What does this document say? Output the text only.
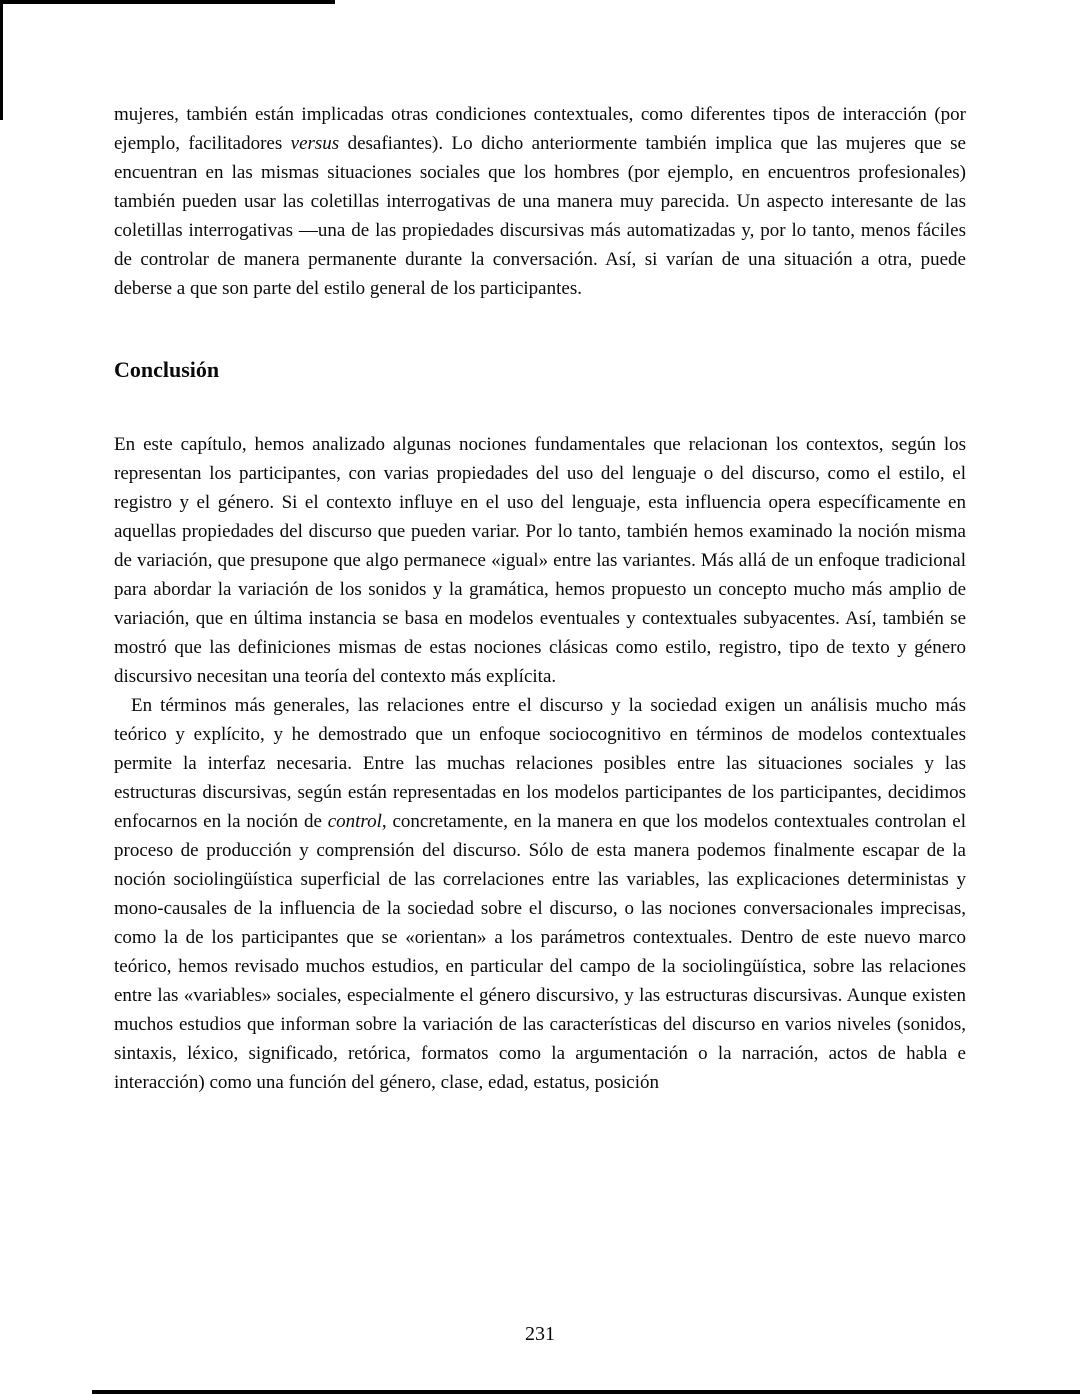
mujeres, también están implicadas otras condiciones contextuales, como diferentes tipos de interacción (por ejemplo, facilitadores versus desafiantes). Lo dicho anteriormente también implica que las mujeres que se encuentran en las mismas situaciones sociales que los hombres (por ejemplo, en encuentros profesionales) también pueden usar las coletillas interrogativas de una manera muy parecida. Un aspecto interesante de las coletillas interrogativas —una de las propiedades discursivas más automatizadas y, por lo tanto, menos fáciles de controlar de manera permanente durante la conversación. Así, si varían de una situación a otra, puede deberse a que son parte del estilo general de los participantes.

Conclusión

En este capítulo, hemos analizado algunas nociones fundamentales que relacionan los contextos, según los representan los participantes, con varias propiedades del uso del lenguaje o del discurso, como el estilo, el registro y el género. Si el contexto influye en el uso del lenguaje, esta influencia opera específicamente en aquellas propiedades del discurso que pueden variar. Por lo tanto, también hemos examinado la noción misma de variación, que presupone que algo permanece «igual» entre las variantes. Más allá de un enfoque tradicional para abordar la variación de los sonidos y la gramática, hemos propuesto un concepto mucho más amplio de variación, que en última instancia se basa en modelos eventuales y contextuales subyacentes. Así, también se mostró que las definiciones mismas de estas nociones clásicas como estilo, registro, tipo de texto y género discursivo necesitan una teoría del contexto más explícita.

En términos más generales, las relaciones entre el discurso y la sociedad exigen un análisis mucho más teórico y explícito, y he demostrado que un enfoque sociocognitivo en términos de modelos contextuales permite la interfaz necesaria. Entre las muchas relaciones posibles entre las situaciones sociales y las estructuras discursivas, según están representadas en los modelos participantes de los participantes, decidimos enfocarnos en la noción de control, concretamente, en la manera en que los modelos contextuales controlan el proceso de producción y comprensión del discurso. Sólo de esta manera podemos finalmente escapar de la noción sociolingüística superficial de las correlaciones entre las variables, las explicaciones deterministas y mono-causales de la influencia de la sociedad sobre el discurso, o las nociones conversacionales imprecisas, como la de los participantes que se «orientan» a los parámetros contextuales. Dentro de este nuevo marco teórico, hemos revisado muchos estudios, en particular del campo de la sociolingüística, sobre las relaciones entre las «variables» sociales, especialmente el género discursivo, y las estructuras discursivas. Aunque existen muchos estudios que informan sobre la variación de las características del discurso en varios niveles (sonidos, sintaxis, léxico, significado, retórica, formatos como la argumentación o la narración, actos de habla e interacción) como una función del género, clase, edad, estatus, posición

231
